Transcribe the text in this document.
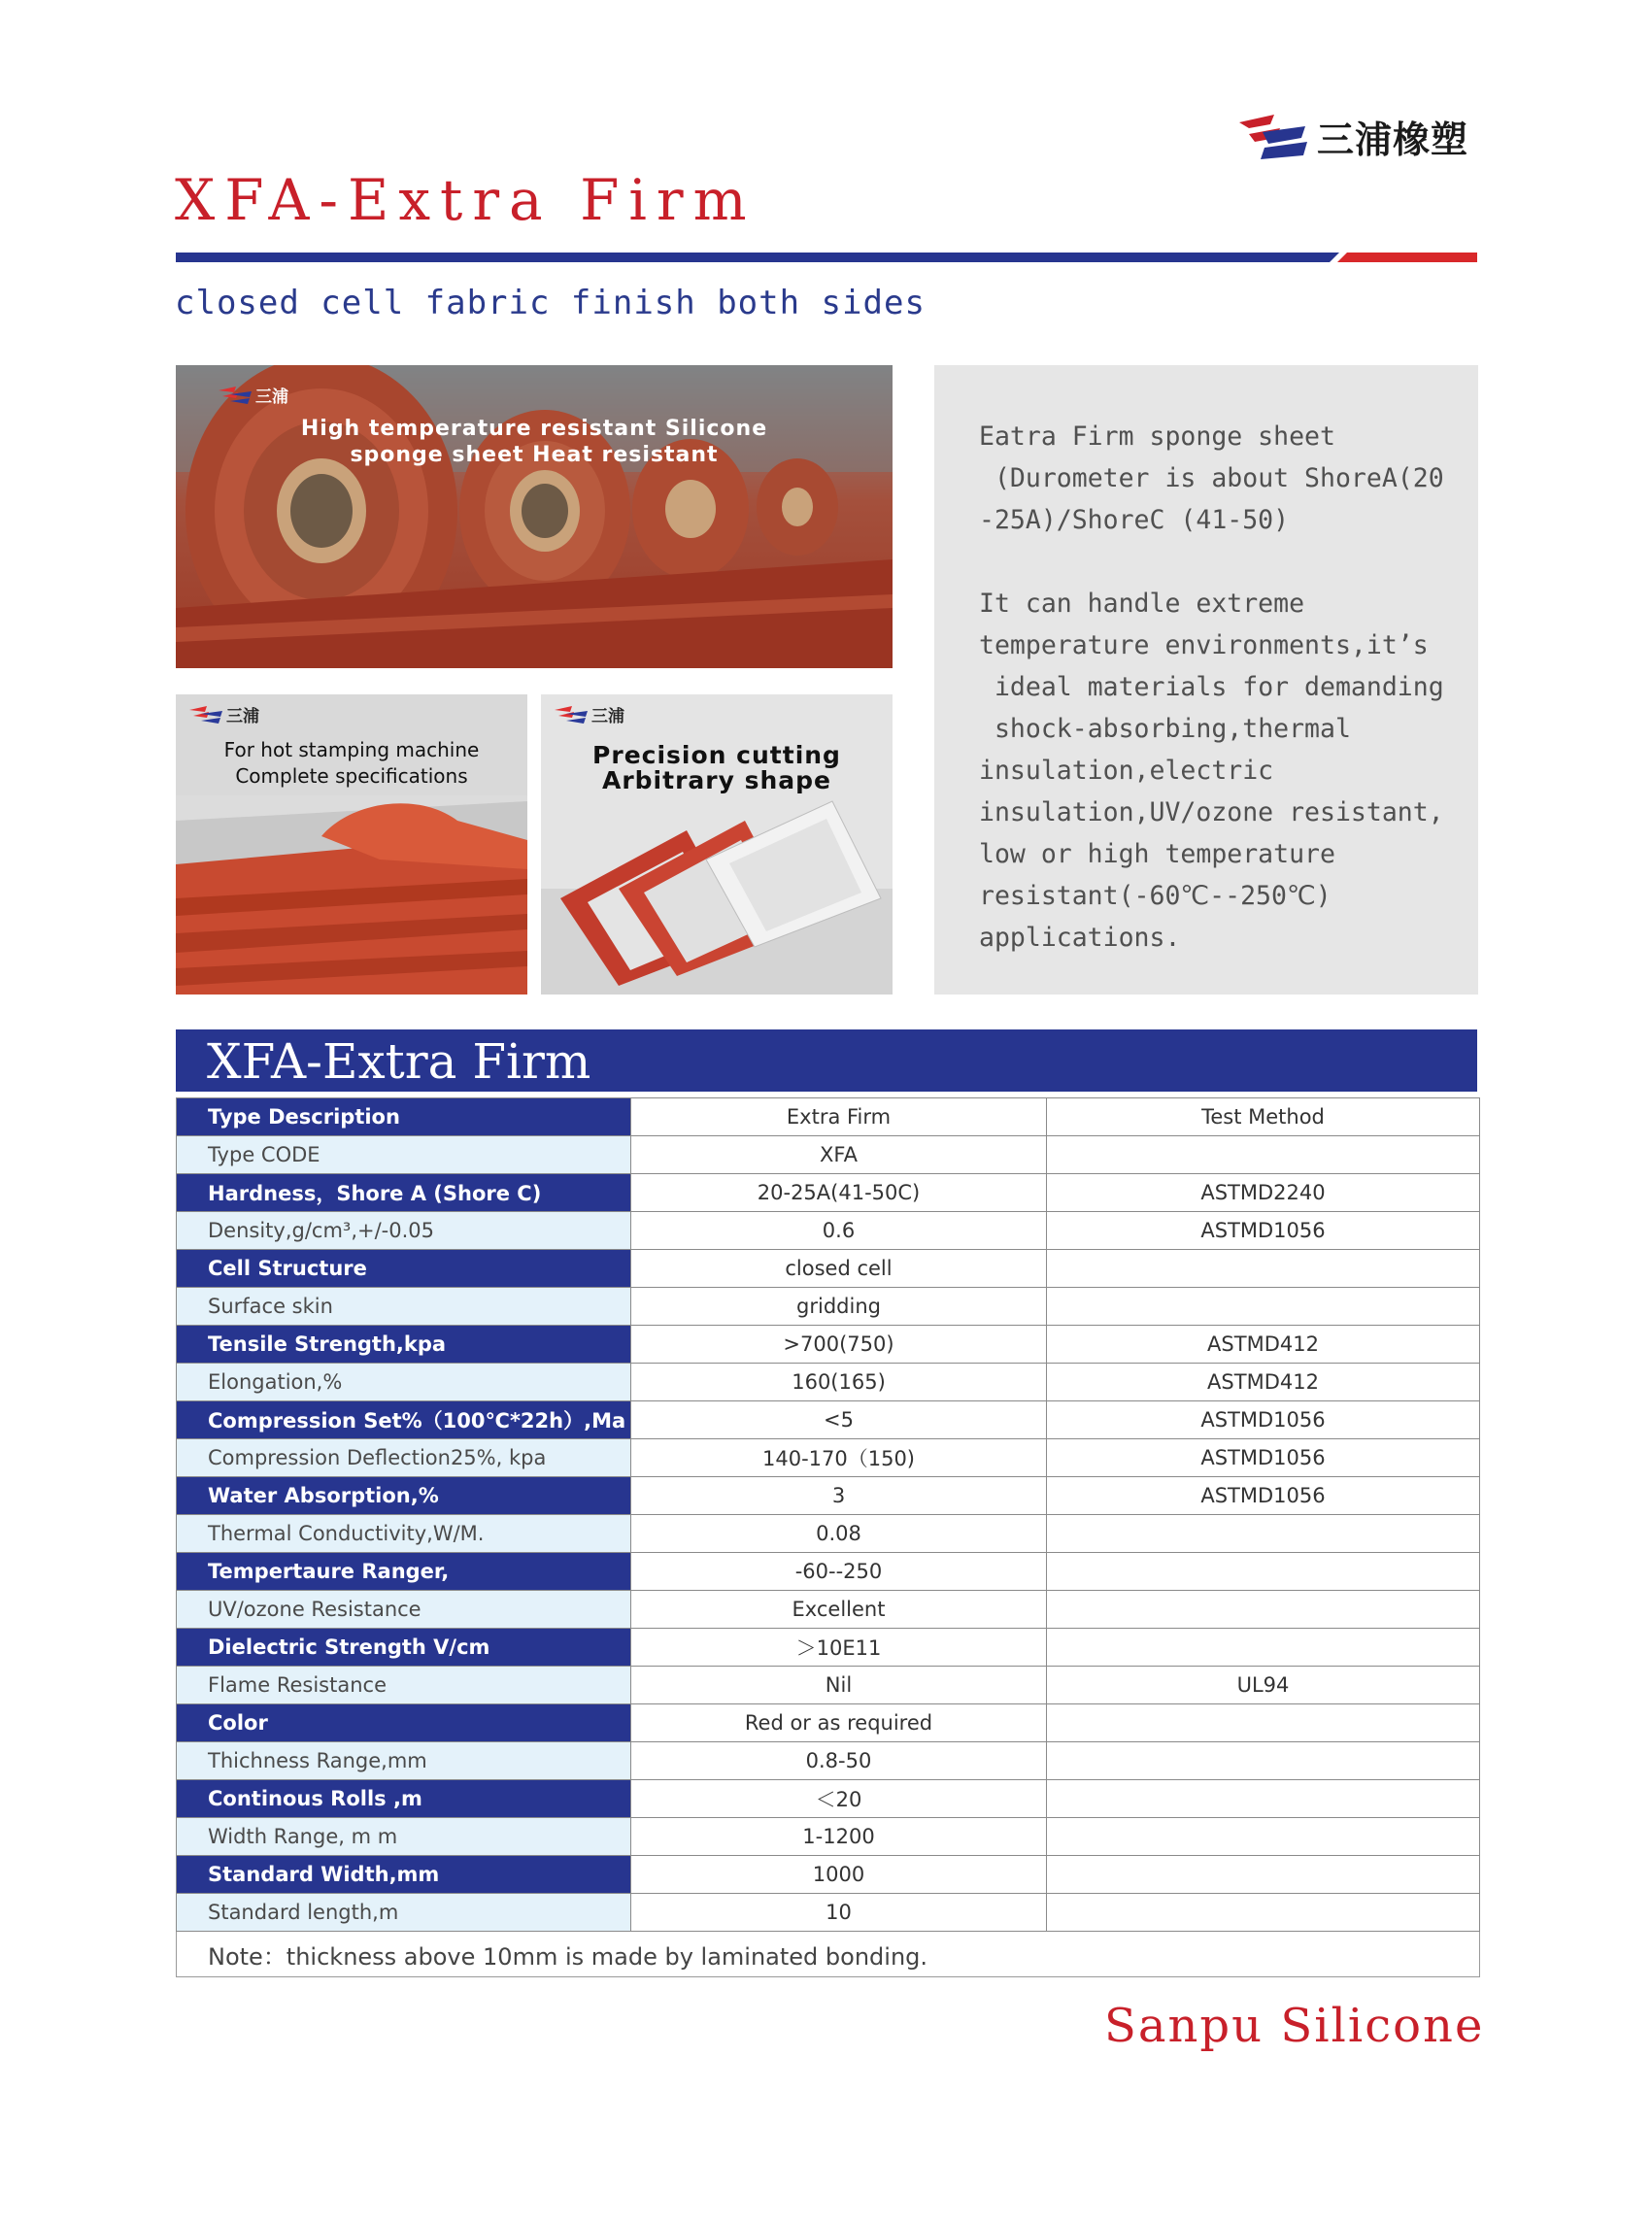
三浦橡塑
XFA-Extra Firm
closed cell fabric finish both sides
三浦
High temperature resistant Silicone
sponge sheet Heat resistant
三浦
For hot stamping machine
Complete specifications
三浦
Precision cutting
Arbitrary shape
Eatra Firm sponge sheet
(Durometer is about ShoreA(20
-25A)/ShoreC (41-50)

It can handle extreme
temperature environments,it’s
ideal materials for demanding
shock-absorbing,thermal
insulation,electric
insulation,UV/ozone resistant,
low or high temperature
resistant(-60℃--250℃)
applications.
XFA-Extra Firm
Type Description	Extra Firm	Test Method
Type CODE	XFA	
Hardness，Shore A (Shore C)	20-25A(41-50C)	ASTMD2240
Density,g/cm³,+/-0.05	0.6	ASTMD1056
Cell Structure	closed cell	
Surface skin	gridding	
Tensile Strength,kpa	>700(750)	ASTMD412
Elongation,%	160(165)	ASTMD412
Compression Set%（100℃*22h）,Ma	<5	ASTMD1056
Compression Deflection25%, kpa	140-170（150)	ASTMD1056
Water Absorption,%	3	ASTMD1056
Thermal Conductivity,W/M.	0.08	
Tempertaure Ranger,	-60--250	
UV/ozone Resistance	Excellent	
Dielectric Strength V/cm	＞10E11	
Flame Resistance	Nil	UL94
Color	Red or as required	
Thichness Range,mm	0.8-50	
Continous Rolls ,m	＜20	
Width Range, m m	1-1200	
Standard Width,mm	1000	
Standard length,m	10	
Note：thickness above 10mm is made by laminated bonding.		
Sanpu Silicone
